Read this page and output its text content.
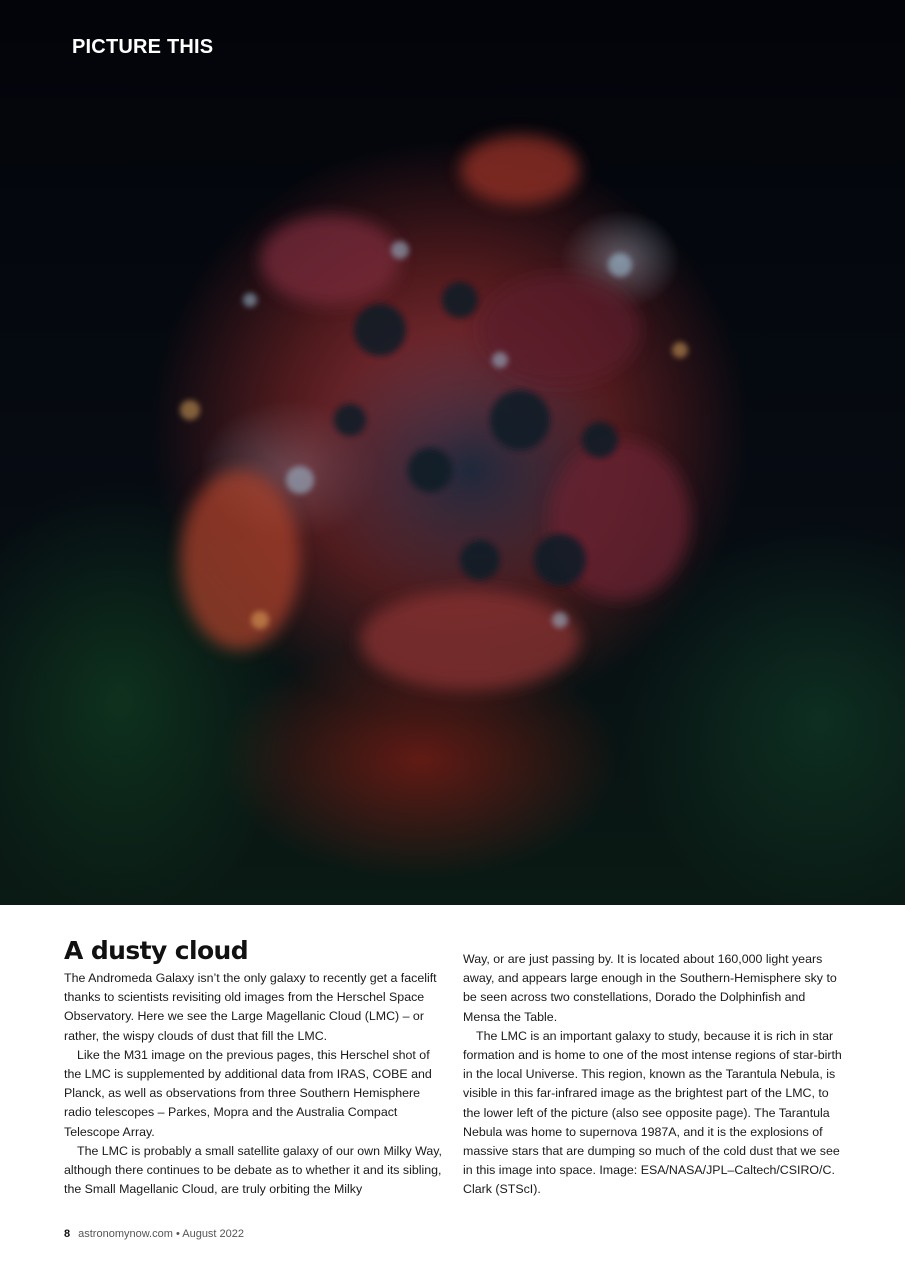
PICTURE THIS
A dusty cloud

The Andromeda Galaxy isn’t the only galaxy to recently get a facelift thanks to scientists revisiting old images from the Herschel Space Observatory. Here we see the Large Magellanic Cloud (LMC) – or rather, the wispy clouds of dust that fill the LMC.

Like the M31 image on the previous pages, this Herschel shot of the LMC is supplemented by additional data from IRAS, COBE and Planck, as well as observations from three Southern Hemisphere radio telescopes – Parkes, Mopra and the Australia Compact Telescope Array.

The LMC is probably a small satellite galaxy of our own Milky Way, although there continues to be debate as to whether it and its sibling, the Small Magellanic Cloud, are truly orbiting the Milky

Way, or are just passing by. It is located about 160,000 light years away, and appears large enough in the Southern-Hemisphere sky to be seen across two constellations, Dorado the Dolphinfish and Mensa the Table.

The LMC is an important galaxy to study, because it is rich in star formation and is home to one of the most intense regions of star-birth in the local Universe. This region, known as the Tarantula Nebula, is visible in this far-infrared image as the brightest part of the LMC, to the lower left of the picture (also see opposite page). The Tarantula Nebula was home to supernova 1987A, and it is the explosions of massive stars that are dumping so much of the cold dust that we see in this image into space. Image: ESA/NASA/JPL–Caltech/CSIRO/C. Clark (STScI).

8 astronomynow.com • August 2022
